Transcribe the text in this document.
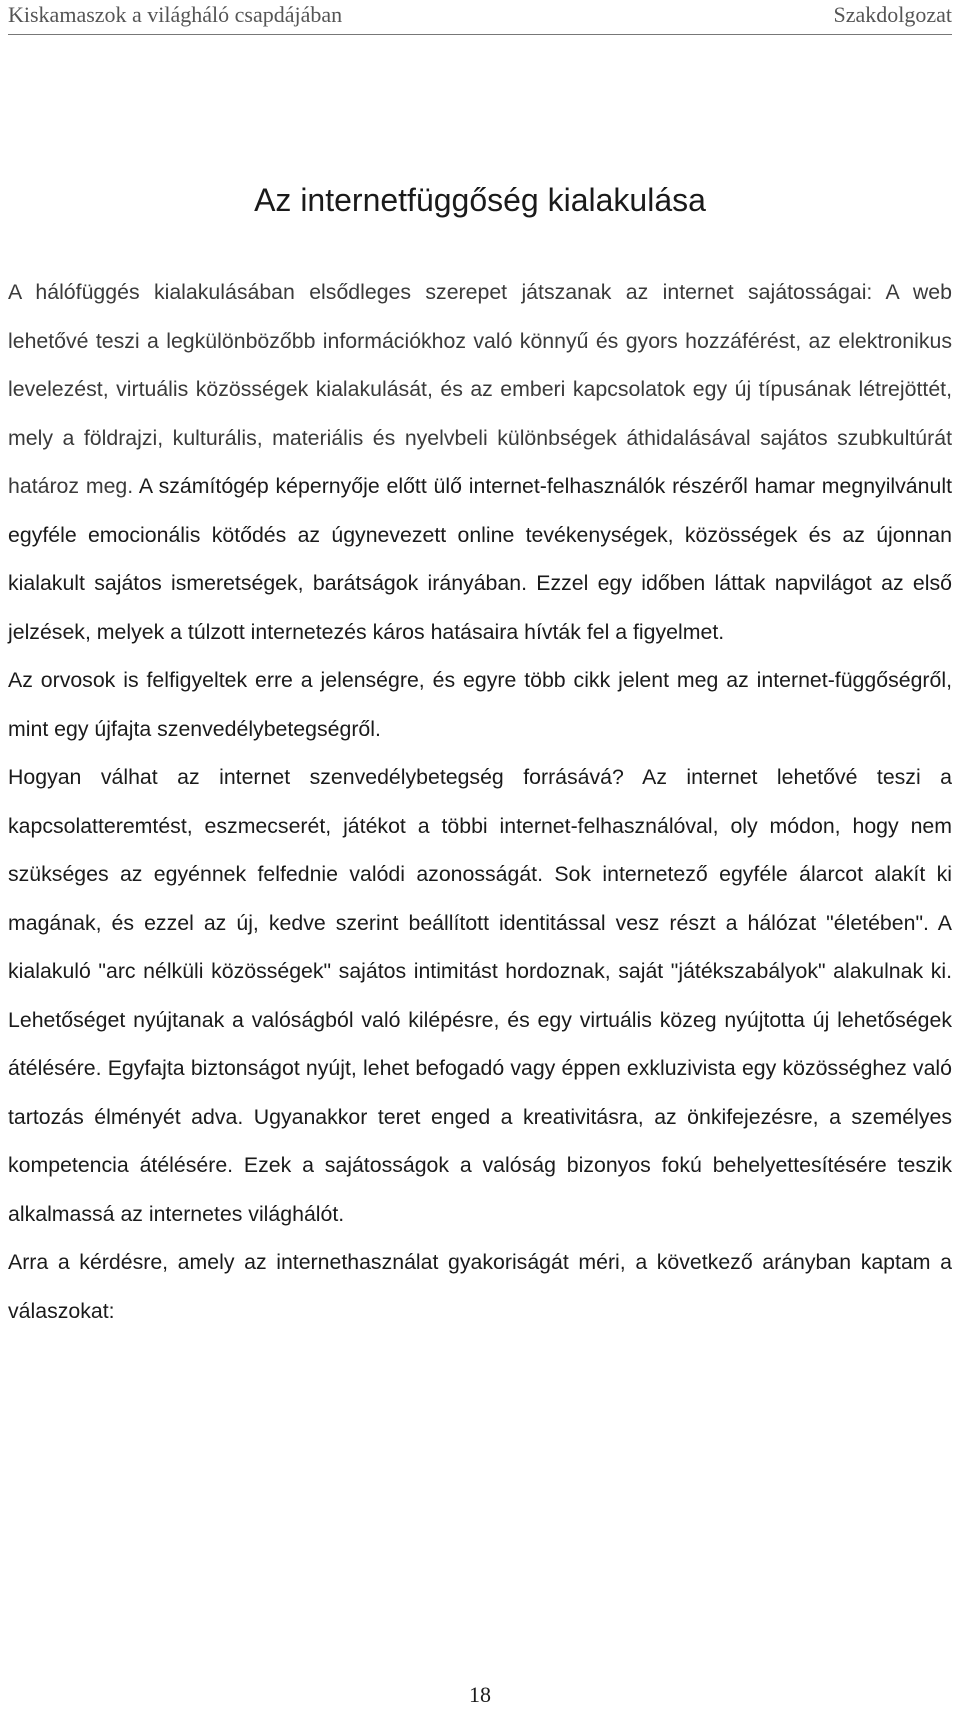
Kiskamaszok a világháló csapdájában	Szakdolgozat
Az internetfüggőség kialakulása

A hálófüggés kialakulásában elsődleges szerepet játszanak az internet sajátosságai: A web lehetővé teszi a legkülönbözőbb információkhoz való könnyű és gyors hozzáférést, az elektronikus levelezést, virtuális közösségek kialakulását, és az emberi kapcsolatok egy új típusának létrejöttét, mely a földrajzi, kulturális, materiális és nyelvbeli különbségek áthidalásával sajátos szubkultúrát határoz meg. A számítógép képernyője előtt ülő internet-felhasználók részéről hamar megnyilvánult egyféle emocionális kötődés az úgynevezett online tevékenységek, közösségek és az újonnan kialakult sajátos ismeretségek, barátságok irányában. Ezzel egy időben láttak napvilágot az első jelzések, melyek a túlzott internetezés káros hatásaira hívták fel a figyelmet.

Az orvosok is felfigyeltek erre a jelenségre, és egyre több cikk jelent meg az internet-függőségről, mint egy újfajta szenvedélybetegségről.

Hogyan válhat az internet szenvedélybetegség forrásává? Az internet lehetővé teszi a kapcsolatteremtést, eszmecserét, játékot a többi internet-felhasználóval, oly módon, hogy nem szükséges az egyénnek felfednie valódi azonosságát. Sok internetező egyféle álarcot alakít ki magának, és ezzel az új, kedve szerint beállított identitással vesz részt a hálózat "életében". A kialakuló "arc nélküli közösségek" sajátos intimitást hordoznak, saját "játékszabályok" alakulnak ki. Lehetőséget nyújtanak a valóságból való kilépésre, és egy virtuális közeg nyújtotta új lehetőségek átélésére. Egyfajta biztonságot nyújt, lehet befogadó vagy éppen exkluzivista egy közösséghez való tartozás élményét adva. Ugyanakkor teret enged a kreativitásra, az önkifejezésre, a személyes kompetencia átélésére. Ezek a sajátosságok a valóság bizonyos fokú behelyettesítésére teszik alkalmassá az internetes világhálót.

Arra a kérdésre, amely az internethasználat gyakoriságát méri, a következő arányban kaptam a válaszokat:

18
